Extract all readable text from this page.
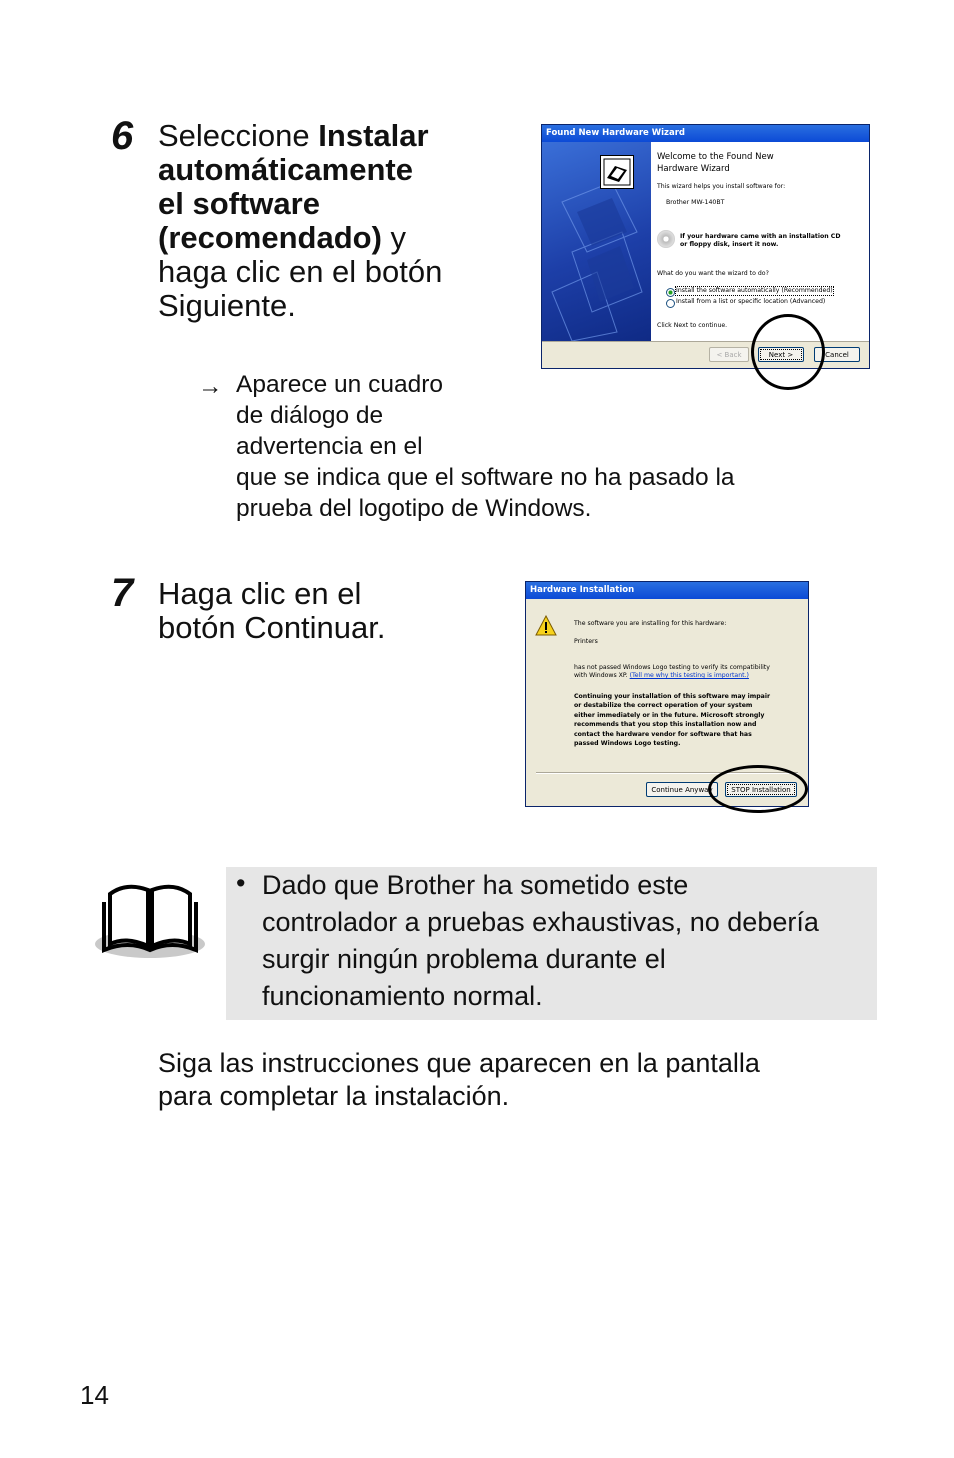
6 Seleccione Instalar
automáticamente
el software
(recomendado) y
haga clic en el botón
Siguiente.
→ Aparece un cuadro
de diálogo de
advertencia en el
que se indica que el software no ha pasado la
prueba del logotipo de Windows.
Found New Hardware Wizard
Welcome to the Found New
Hardware Wizard
This wizard helps you install software for:
Brother MW-140BT
If your hardware came with an installation CD
or floppy disk, insert it now.
What do you want the wizard to do?
Install the software automatically (Recommended)
Install from a list or specific location (Advanced)
Click Next to continue.
< Back	Next >	Cancel
7 Haga clic en el
botón Continuar.
Hardware Installation
The software you are installing for this hardware:
Printers
has not passed Windows Logo testing to verify its compatibility
with Windows XP. (Tell me why this testing is important.)
Continuing your installation of this software may impair
or destabilize the correct operation of your system
either immediately or in the future. Microsoft strongly
recommends that you stop this installation now and
contact the hardware vendor for software that has
passed Windows Logo testing.
Continue Anyway	STOP Installation
• Dado que Brother ha sometido este
controlador a pruebas exhaustivas, no debería
surgir ningún problema durante el
funcionamiento normal.
Siga las instrucciones que aparecen en la pantalla
para completar la instalación.
14
